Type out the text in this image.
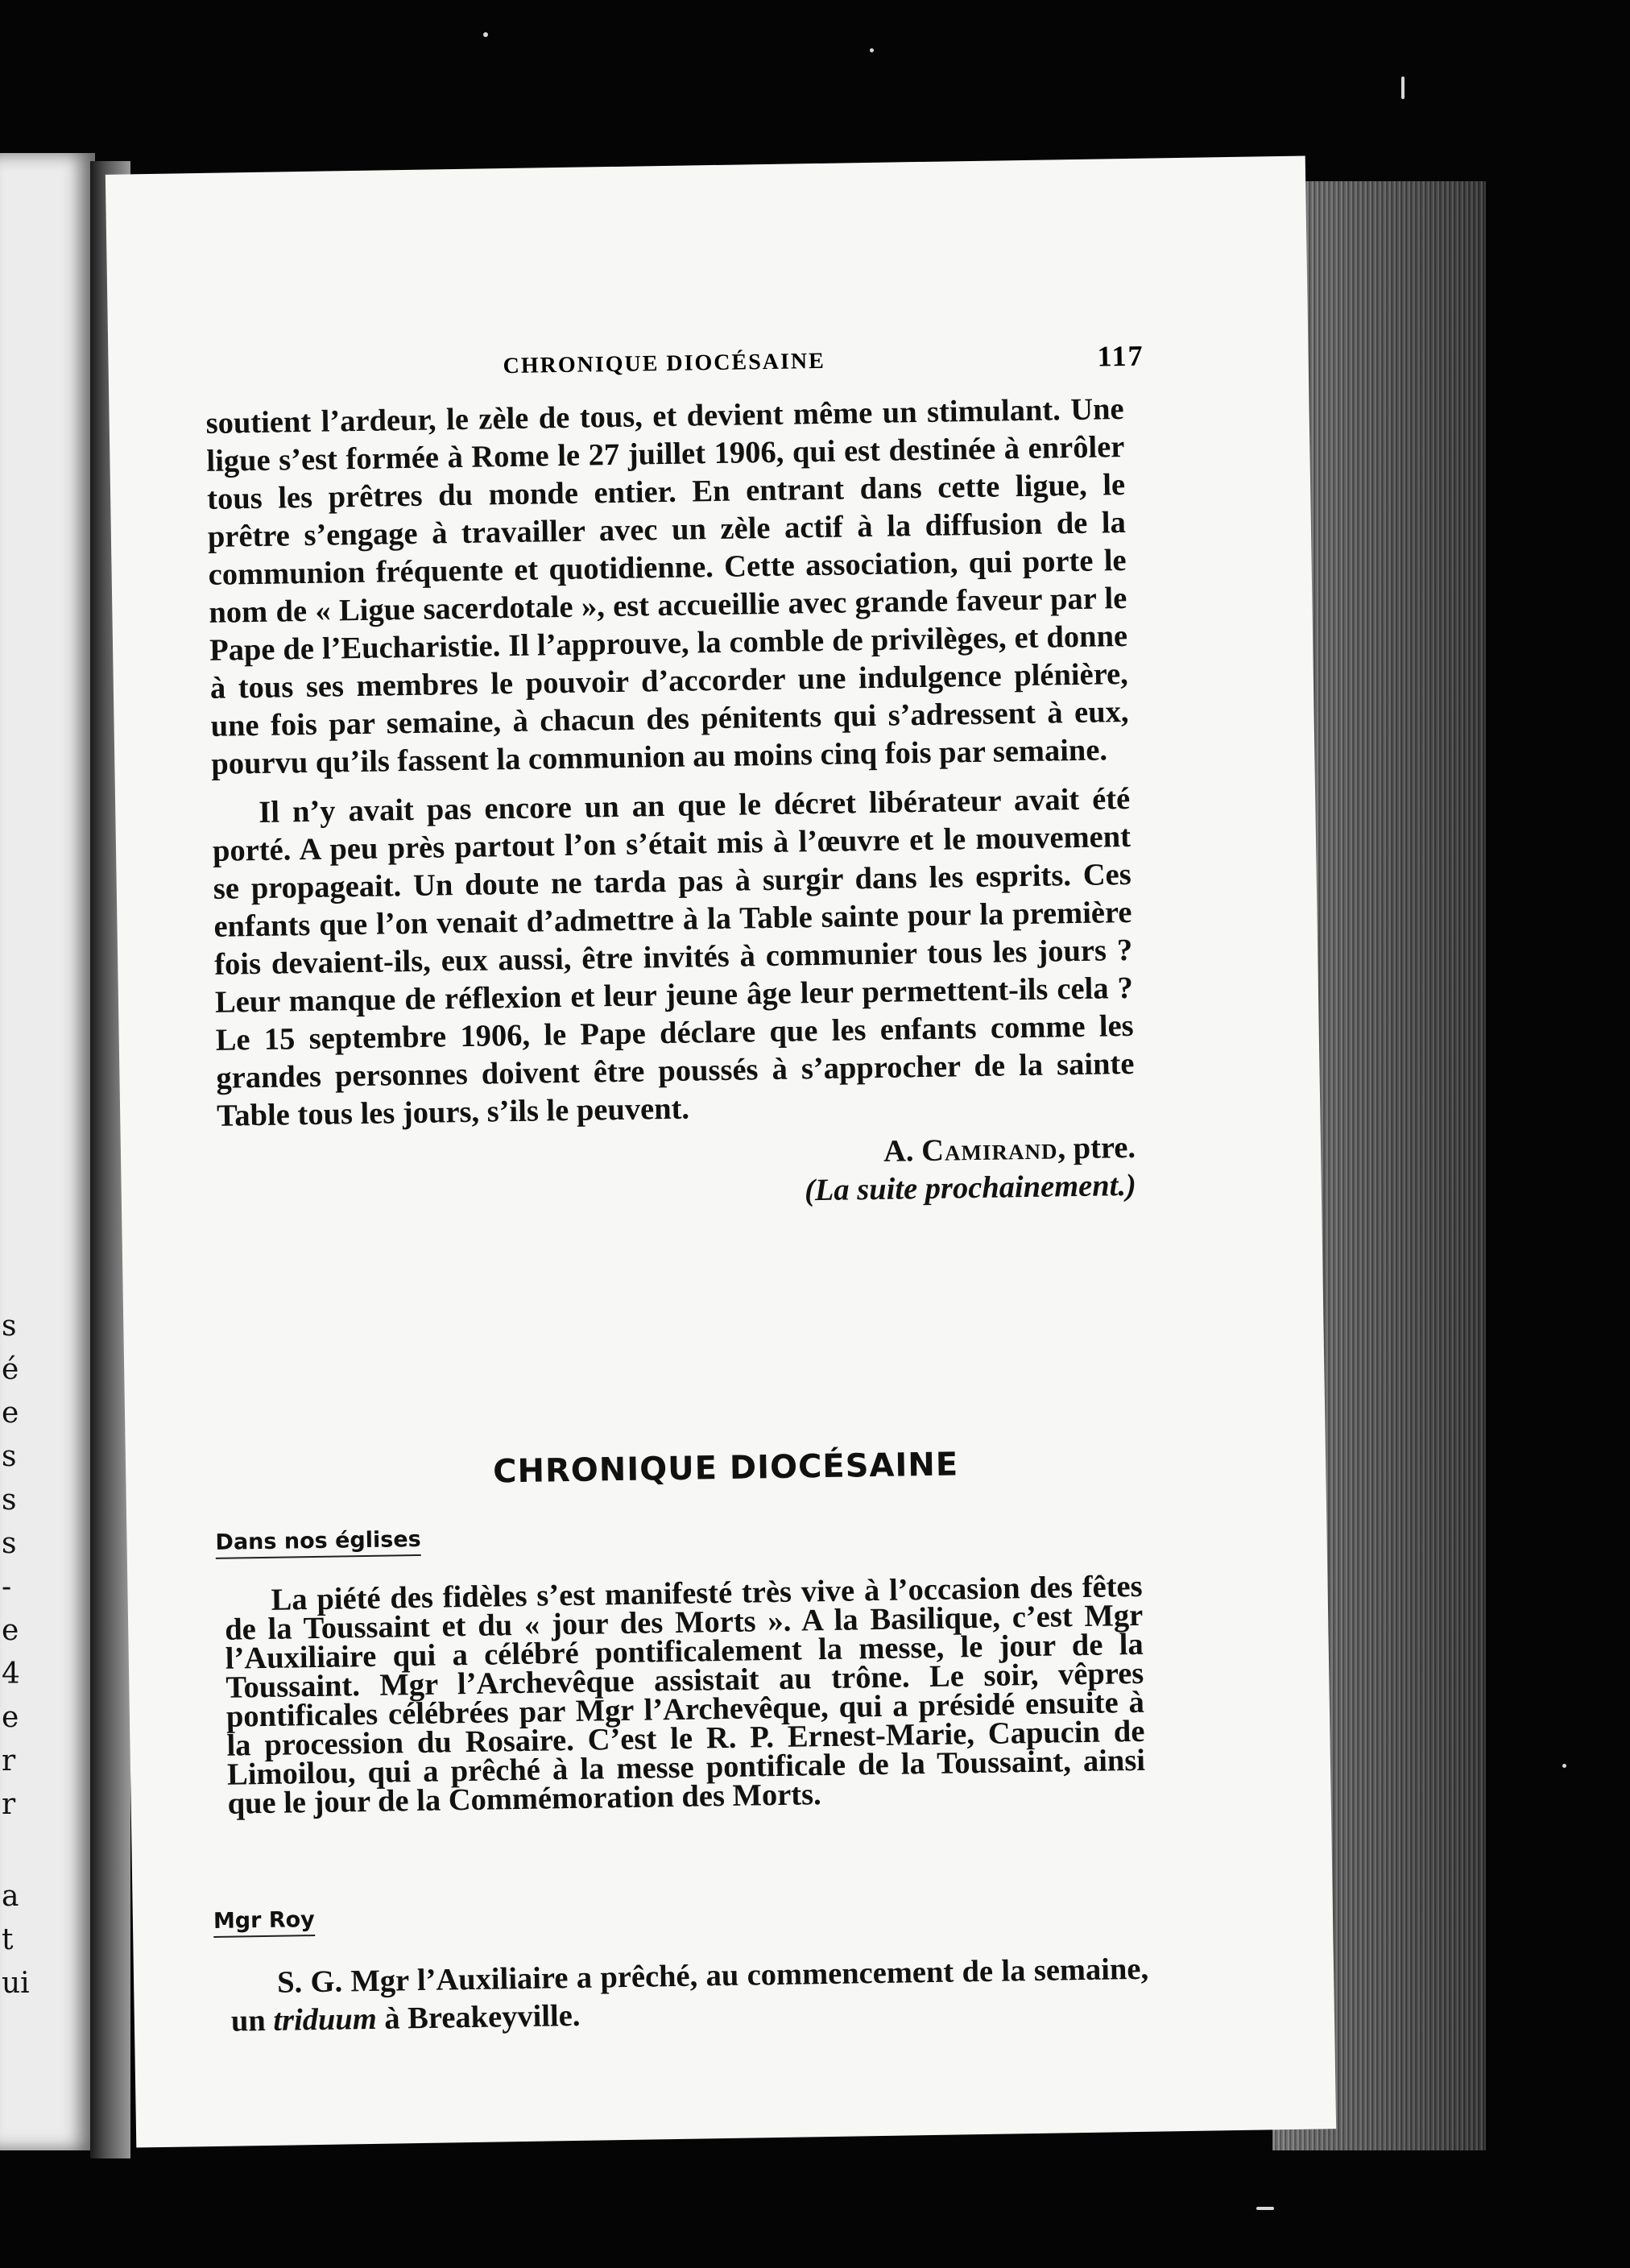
s
é
e
s
s
s
-
e
4
e
r
r
a
t
ui
CHRONIQUE DIOCÉSAINE	117

soutient l’ardeur, le zèle de tous, et devient même un stimulant. Une ligue s’est formée à Rome le 27 juillet 1906, qui est destinée à enrôler tous les prêtres du monde entier. En entrant dans cette ligue, le prêtre s’engage à travailler avec un zèle actif à la diffusion de la communion fréquente et quotidienne. Cette association, qui porte le nom de « Ligue sacerdotale », est accueillie avec grande faveur par le Pape de l’Eucharistie. Il l’approuve, la comble de privilèges, et donne à tous ses membres le pouvoir d’accorder une indulgence plénière, une fois par semaine, à chacun des pénitents qui s’adressent à eux, pourvu qu’ils fassent la communion au moins cinq fois par semaine.

Il n’y avait pas encore un an que le décret libérateur avait été porté. A peu près partout l’on s’était mis à l’œuvre et le mouvement se propageait. Un doute ne tarda pas à surgir dans les esprits. Ces enfants que l’on venait d’admettre à la Table sainte pour la première fois devaient-ils, eux aussi, être invités à communier tous les jours ? Leur manque de réflexion et leur jeune âge leur permettent-ils cela ? Le 15 septembre 1906, le Pape déclare que les enfants comme les grandes personnes doivent être poussés à s’approcher de la sainte Table tous les jours, s’ils le peuvent.

A. Camirand, ptre.

(La suite prochainement.)

CHRONIQUE DIOCÉSAINE
Dans nos églises

La piété des fidèles s’est manifesté très vive à l’occasion des fêtes de la Toussaint et du « jour des Morts ». A la Basilique, c’est Mgr l’Auxiliaire qui a célébré pontificalement la messe, le jour de la Toussaint. Mgr l’Archevêque assistait au trône. Le soir, vêpres pontificales célébrées par Mgr l’Archevêque, qui a présidé ensuite à la procession du Rosaire. C’est le R. P. Ernest-Marie, Capucin de Limoilou, qui a prêché à la messe pontificale de la Toussaint, ainsi que le jour de la Commémoration des Morts.

Mgr Roy

S. G. Mgr l’Auxiliaire a prêché, au commencement de la semaine, un triduum à Breakeyville.
